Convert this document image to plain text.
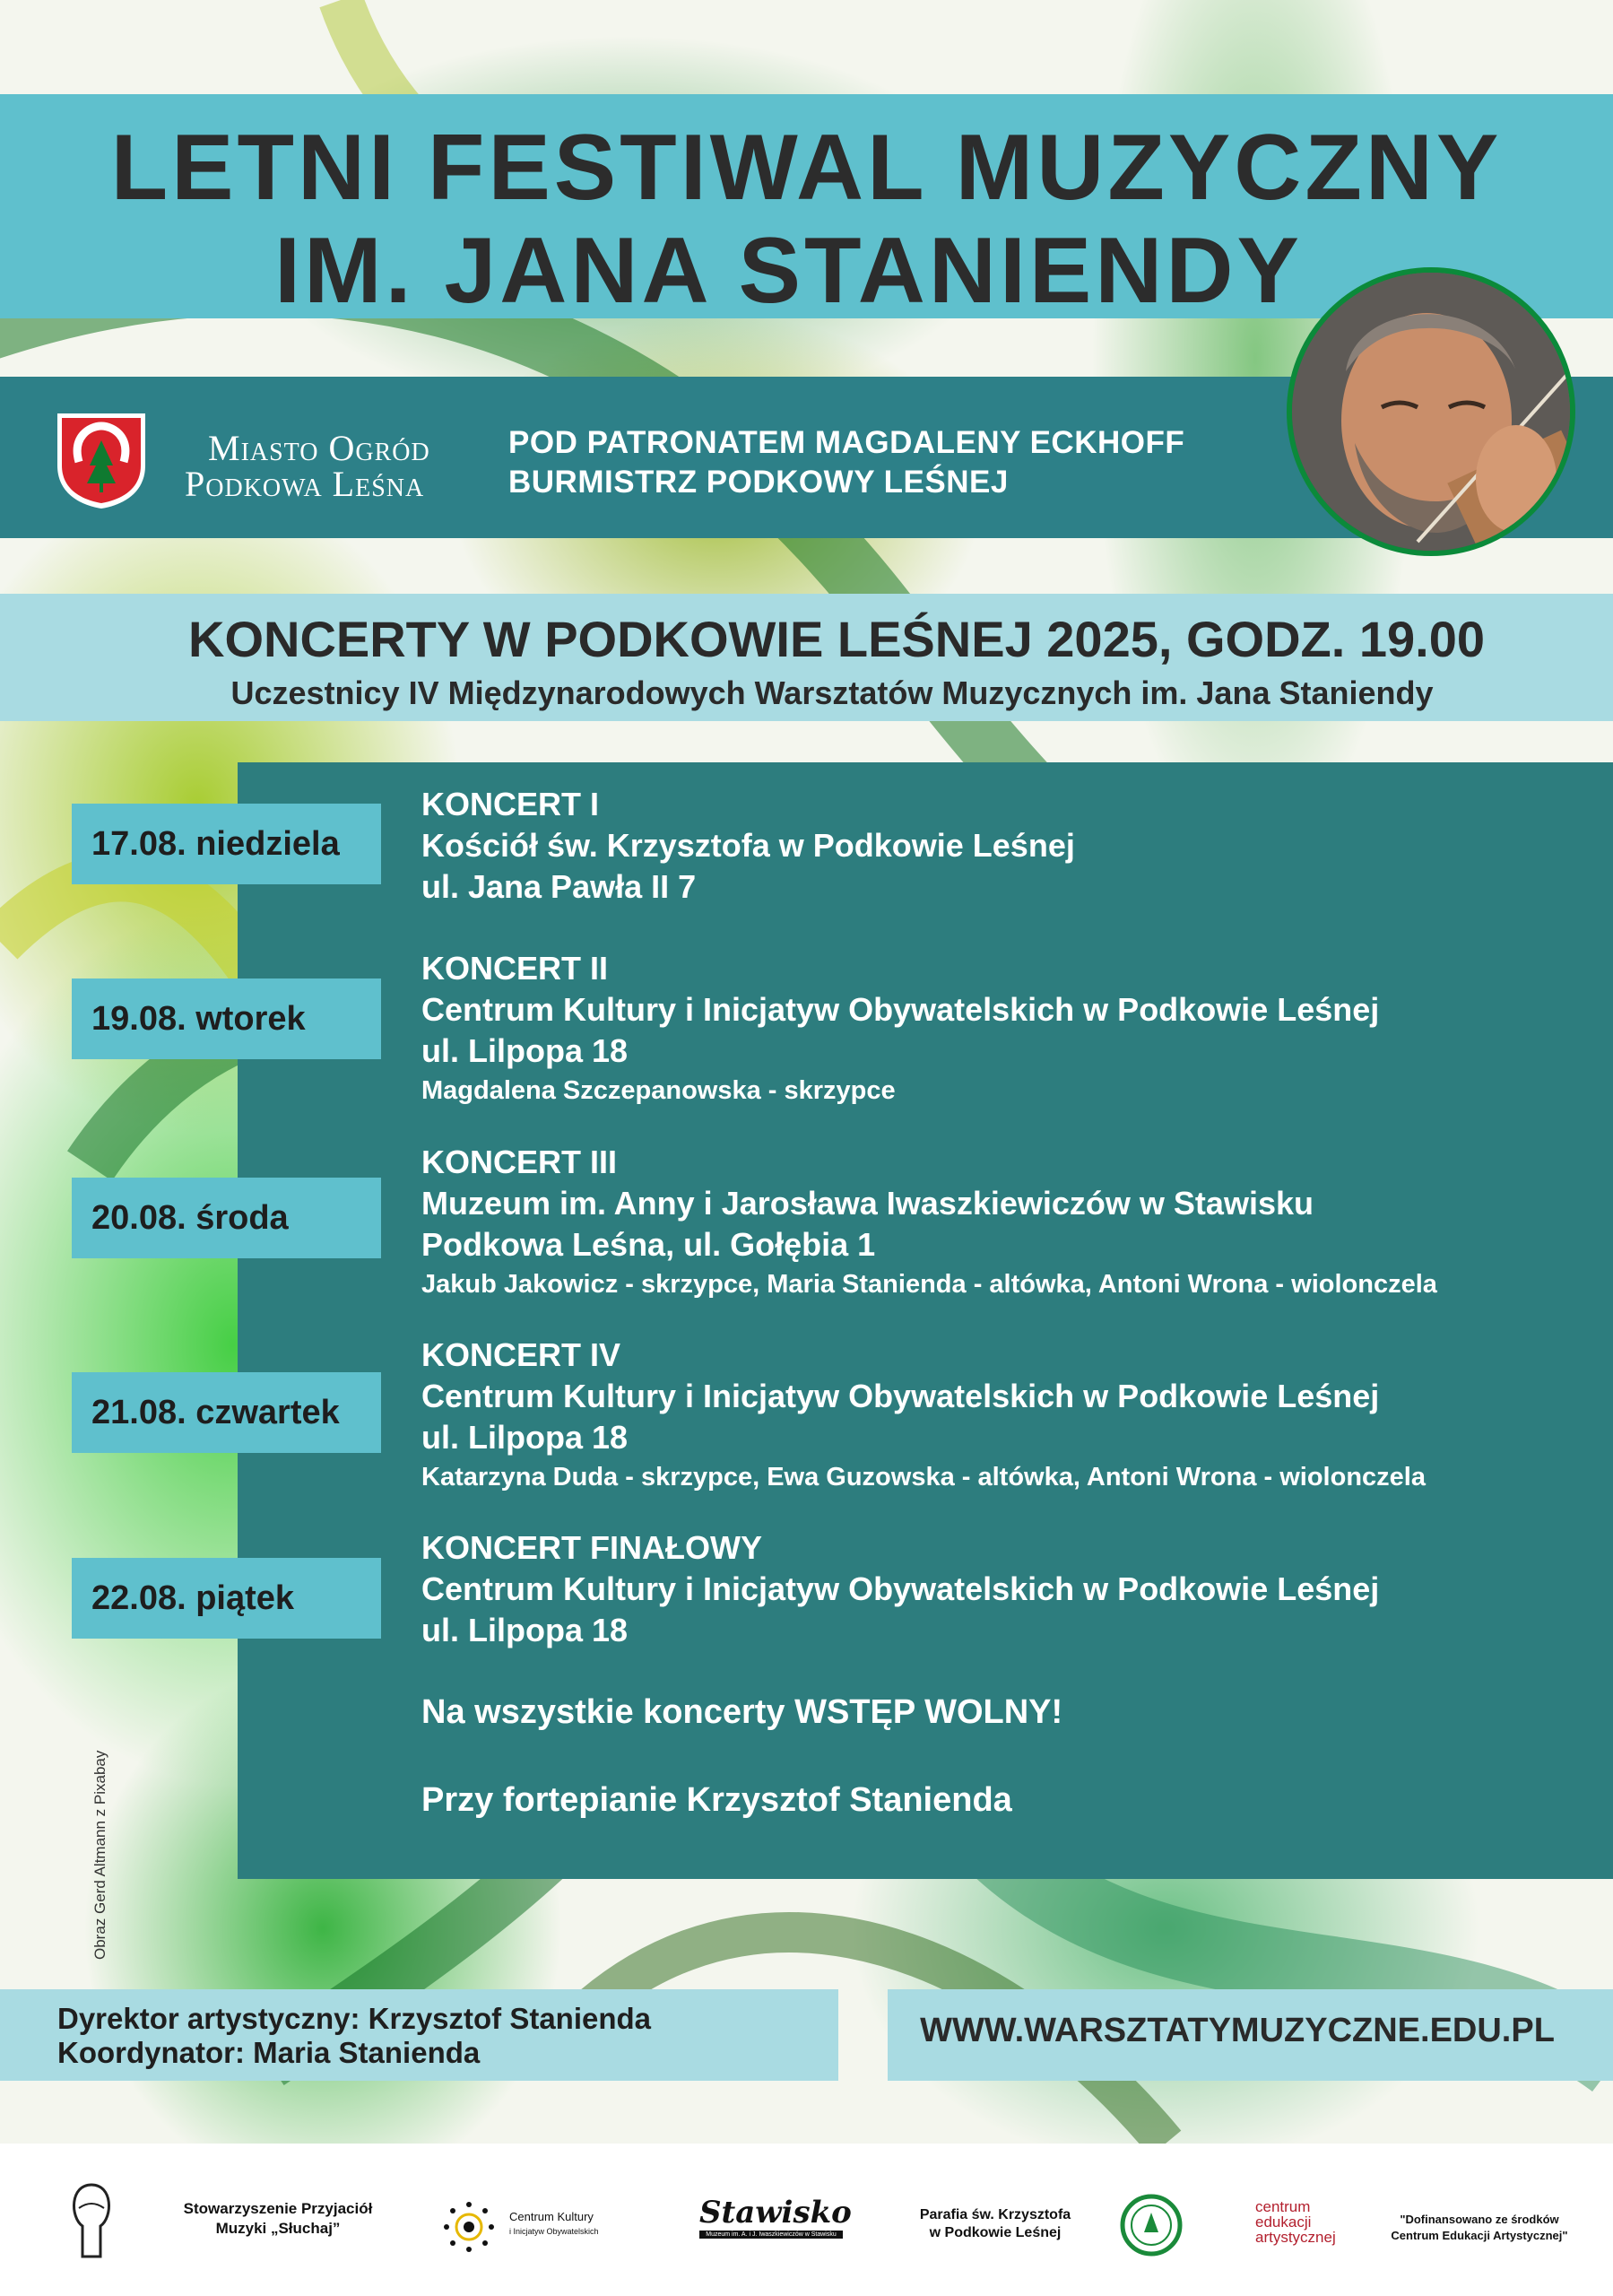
LETNI FESTIWAL MUZYCZNY
IM. JANA STANIENDY
Miasto Ogród
Podkowa Leśna
POD PATRONATEM MAGDALENY ECKHOFF
BURMISTRZ PODKOWY LEŚNEJ
KONCERTY W PODKOWIE LEŚNEJ 2025, GODZ. 19.00
Uczestnicy IV Międzynarodowych Warsztatów Muzycznych im. Jana Staniendy
17.08. niedziela
KONCERT I
Kościół św. Krzysztofa w Podkowie Leśnej
ul. Jana Pawła II 7
19.08. wtorek
KONCERT II
Centrum Kultury i Inicjatyw Obywatelskich w Podkowie Leśnej
ul. Lilpopa 18
Magdalena Szczepanowska - skrzypce
20.08. środa
KONCERT III
Muzeum im. Anny i Jarosława Iwaszkiewiczów w Stawisku
Podkowa Leśna, ul. Gołębia 1
Jakub Jakowicz - skrzypce, Maria Stanienda - altówka, Antoni Wrona - wiolonczela
21.08. czwartek
KONCERT IV
Centrum Kultury i Inicjatyw Obywatelskich w Podkowie Leśnej
ul. Lilpopa 18
Katarzyna Duda - skrzypce, Ewa Guzowska - altówka, Antoni Wrona - wiolonczela
22.08. piątek
KONCERT FINAŁOWY
Centrum Kultury i Inicjatyw Obywatelskich w Podkowie Leśnej
ul. Lilpopa 18
Na wszystkie koncerty WSTĘP WOLNY!
Przy fortepianie Krzysztof Stanienda
Obraz Gerd Altmann z Pixabay
Dyrektor artystyczny: Krzysztof Stanienda
Koordynator: Maria Stanienda
WWW.WARSZTATYMUZYCZNE.EDU.PL
Stowarzyszenie Przyjaciół
Muzyki „Słuchaj”
Centrum Kultury
i Inicjatyw Obywatelskich
Stawisko
Muzeum im. A. i J. Iwaszkiewiczów w Stawisku
Parafia św. Krzysztofa
w Podkowie Leśnej
centrum
edukacji
artystycznej
"Dofinansowano ze środków
Centrum Edukacji Artystycznej"
